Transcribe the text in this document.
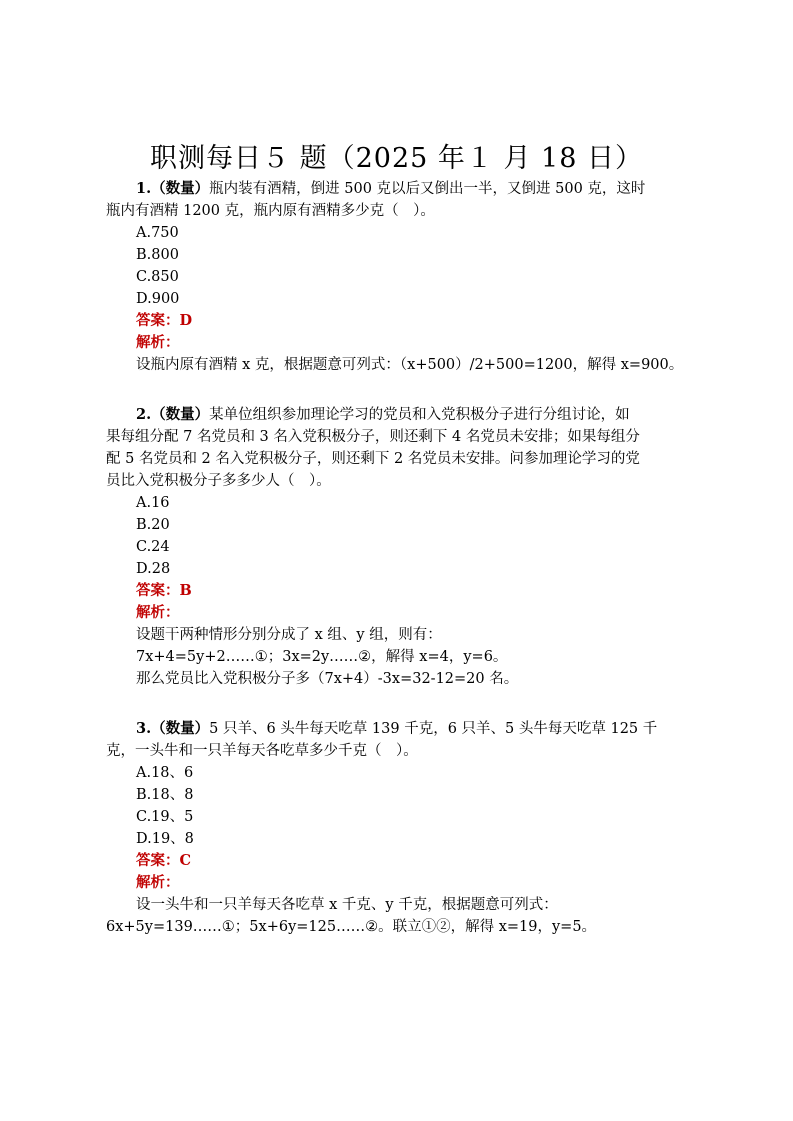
职测每日５ 题（2025 年１ 月 18 日）
1.（数量）瓶内装有酒精，倒进 500 克以后又倒出一半，又倒进 500 克，这时
瓶内有酒精 1200 克，瓶内原有酒精多少克（　）。
A.750
B.800
C.850
D.900
答案：D
解析：
设瓶内原有酒精 x 克，根据题意可列式：（x+500）/2+500=1200，解得 x=900。
2.（数量）某单位组织参加理论学习的党员和入党积极分子进行分组讨论，如
果每组分配 7 名党员和 3 名入党积极分子，则还剩下 4 名党员未安排；如果每组分
配 5 名党员和 2 名入党积极分子，则还剩下 2 名党员未安排。问参加理论学习的党
员比入党积极分子多多少人（　）。
A.16
B.20
C.24
D.28
答案：B
解析：
设题干两种情形分别分成了 x 组、y 组，则有：
7x+4=5y+2……①；3x=2y……②，解得 x=4，y=6。
那么党员比入党积极分子多（7x+4）-3x=32-12=20 名。
3.（数量）5 只羊、6 头牛每天吃草 139 千克，6 只羊、5 头牛每天吃草 125 千
克，一头牛和一只羊每天各吃草多少千克（　）。
A.18、6
B.18、8
C.19、5
D.19、8
答案：C
解析：
设一头牛和一只羊每天各吃草 x 千克、y 千克，根据题意可列式：
6x+5y=139……①；5x+6y=125……②。联立①②，解得 x=19，y=5。
